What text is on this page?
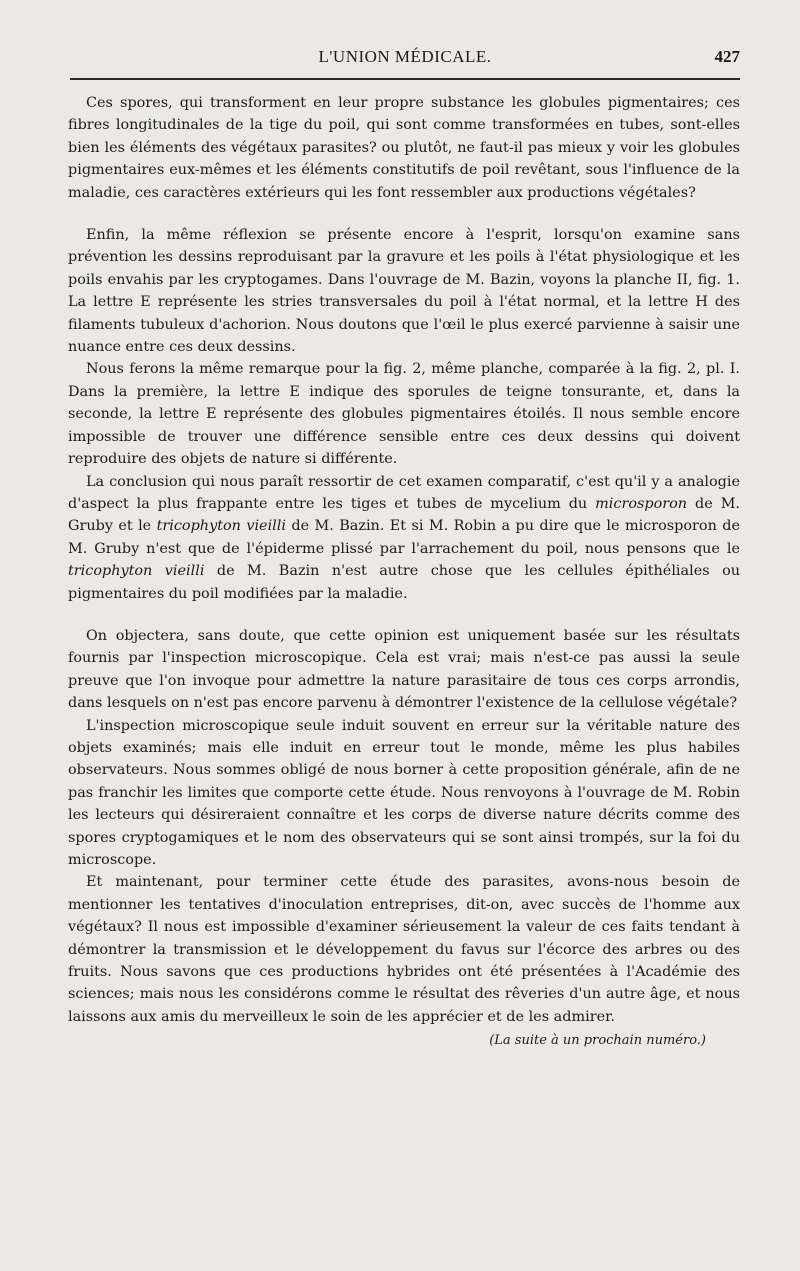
L'UNION MÉDICALE.	427

Ces spores, qui transforment en leur propre substance les globules pigmentaires; ces fibres longitudinales de la tige du poil, qui sont comme transformées en tubes, sont-elles bien les éléments des végétaux parasites? ou plutôt, ne faut-il pas mieux y voir les globules pigmentaires eux-mêmes et les éléments constitutifs de poil revêtant, sous l'influence de la maladie, ces caractères extérieurs qui les font ressembler aux productions végétales?

Enfin, la même réflexion se présente encore à l'esprit, lorsqu'on examine sans prévention les dessins reproduisant par la gravure et les poils à l'état physiologique et les poils envahis par les cryptogames. Dans l'ouvrage de M. Bazin, voyons la planche II, fig. 1. La lettre E représente les stries transversales du poil à l'état normal, et la lettre H des filaments tubuleux d'achorion. Nous doutons que l'œil le plus exercé parvienne à saisir une nuance entre ces deux dessins.

Nous ferons la même remarque pour la fig. 2, même planche, comparée à la fig. 2, pl. I. Dans la première, la lettre E indique des sporules de teigne tonsurante, et, dans la seconde, la lettre E représente des globules pigmentaires étoilés. Il nous semble encore impossible de trouver une différence sensible entre ces deux dessins qui doivent reproduire des objets de nature si différente.

La conclusion qui nous paraît ressortir de cet examen comparatif, c'est qu'il y a analogie d'aspect la plus frappante entre les tiges et tubes de mycelium du microsporon de M. Gruby et le tricophyton vieilli de M. Bazin. Et si M. Robin a pu dire que le microsporon de M. Gruby n'est que de l'épiderme plissé par l'arrachement du poil, nous pensons que le tricophyton vieilli de M. Bazin n'est autre chose que les cellules épithéliales ou pigmentaires du poil modifiées par la maladie.

On objectera, sans doute, que cette opinion est uniquement basée sur les résultats fournis par l'inspection microscopique. Cela est vrai; mais n'est-ce pas aussi la seule preuve que l'on invoque pour admettre la nature parasitaire de tous ces corps arrondis, dans lesquels on n'est pas encore parvenu à démontrer l'existence de la cellulose végétale?

L'inspection microscopique seule induit souvent en erreur sur la véritable nature des objets examinés; mais elle induit en erreur tout le monde, même les plus habiles observateurs. Nous sommes obligé de nous borner à cette proposition générale, afin de ne pas franchir les limites que comporte cette étude. Nous renvoyons à l'ouvrage de M. Robin les lecteurs qui désireraient connaître et les corps de diverse nature décrits comme des spores cryptogamiques et le nom des observateurs qui se sont ainsi trompés, sur la foi du microscope.

Et maintenant, pour terminer cette étude des parasites, avons-nous besoin de mentionner les tentatives d'inoculation entreprises, dit-on, avec succès de l'homme aux végétaux? Il nous est impossible d'examiner sérieusement la valeur de ces faits tendant à démontrer la transmission et le développement du favus sur l'écorce des arbres ou des fruits. Nous savons que ces productions hybrides ont été présentées à l'Académie des sciences; mais nous les considérons comme le résultat des rêveries d'un autre âge, et nous laissons aux amis du merveilleux le soin de les apprécier et de les admirer.

(La suite à un prochain numéro.)
